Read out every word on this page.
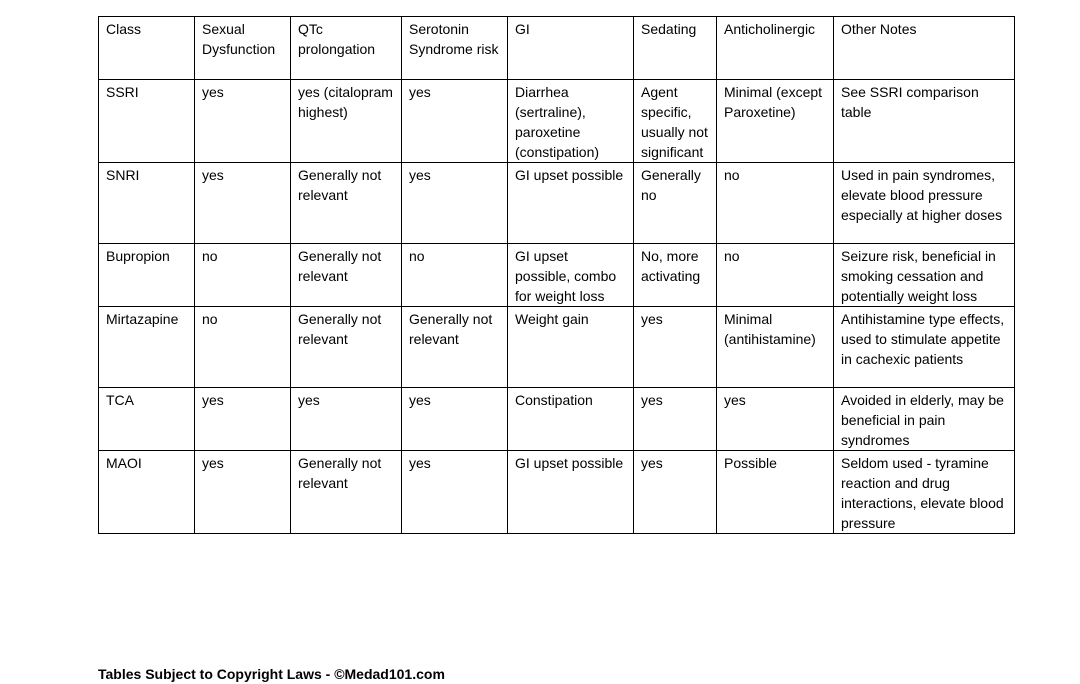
Class	Sexual Dysfunction	QTc prolongation	Serotonin Syndrome risk	GI	Sedating	Anticholinergic	Other Notes
SSRI	yes	yes (citalopram highest)	yes	Diarrhea (sertraline), paroxetine (constipation)	Agent specific, usually not significant	Minimal (except Paroxetine)	See SSRI comparison table
SNRI	yes	Generally not relevant	yes	GI upset possible	Generally no	no	Used in pain syndromes, elevate blood pressure especially at higher doses
Bupropion	no	Generally not relevant	no	GI upset possible, combo for weight loss	No, more activating	no	Seizure risk, beneficial in smoking cessation and potentially weight loss
Mirtazapine	no	Generally not relevant	Generally not relevant	Weight gain	yes	Minimal (antihistamine)	Antihistamine type effects, used to stimulate appetite in cachexic patients
TCA	yes	yes	yes	Constipation	yes	yes	Avoided in elderly, may be beneficial in pain syndromes
MAOI	yes	Generally not relevant	yes	GI upset possible	yes	Possible	Seldom used - tyramine reaction and drug interactions, elevate blood pressure
Tables Subject to Copyright Laws - ©Medad101.com
